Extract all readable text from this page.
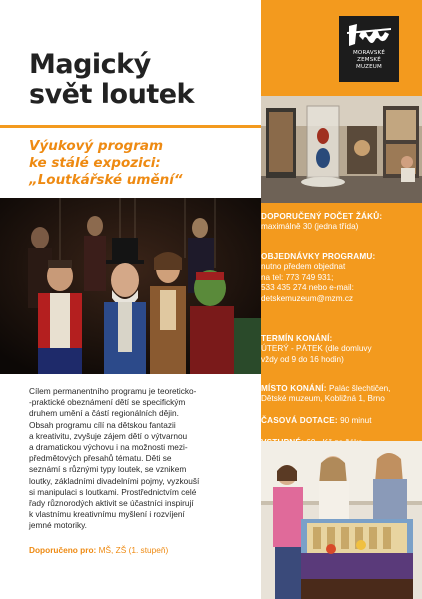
Magický
svět loutek
Výukový program
ke stálé expozici:
„Loutkářské umění“
Cílem permanentního programu je teoreticko-
-praktické obeznámení dětí se specifickým
druhem umění a částí regionálních dějin.
Obsah programu cílí na dětskou fantazii
a kreativitu, zvyšuje zájem dětí o výtvarnou
a dramatickou výchovu i na možnosti mezi-
předmětových přesahů tématu. Děti se
seznámí s různými typy loutek, se vznikem
loutky, základními divadelními pojmy, vyzkouší
si manipulaci s loutkami. Prostřednictvím celé
řady různorodých aktivit se účastníci inspirují
k vlastnímu kreativnímu myšlení i rozvíjení
jemné motoriky.
Doporučeno pro: MŠ, ZŠ (1. stupeň)
MORAVSKÉ
ZEMSKÉ
MUZEUM
DOPORUČENÝ POČET ŽÁKŮ:
maximálně 30 (jedna třída)
OBJEDNÁVKY PROGRAMU:
nutno předem objednat
na tel: 773 749 931;
533 435 274 nebo e-mail:
detskemuzeum@mzm.cz
TERMÍN KONÁNÍ:
ÚTERÝ - PÁTEK (dle domluvy
vždy od 9 do 16 hodin)
MÍSTO KONÁNÍ: Palác šlechtičen,
Dětské muzeum, Kobližná 1, Brno
ČASOVÁ DOTACE: 90 minut
